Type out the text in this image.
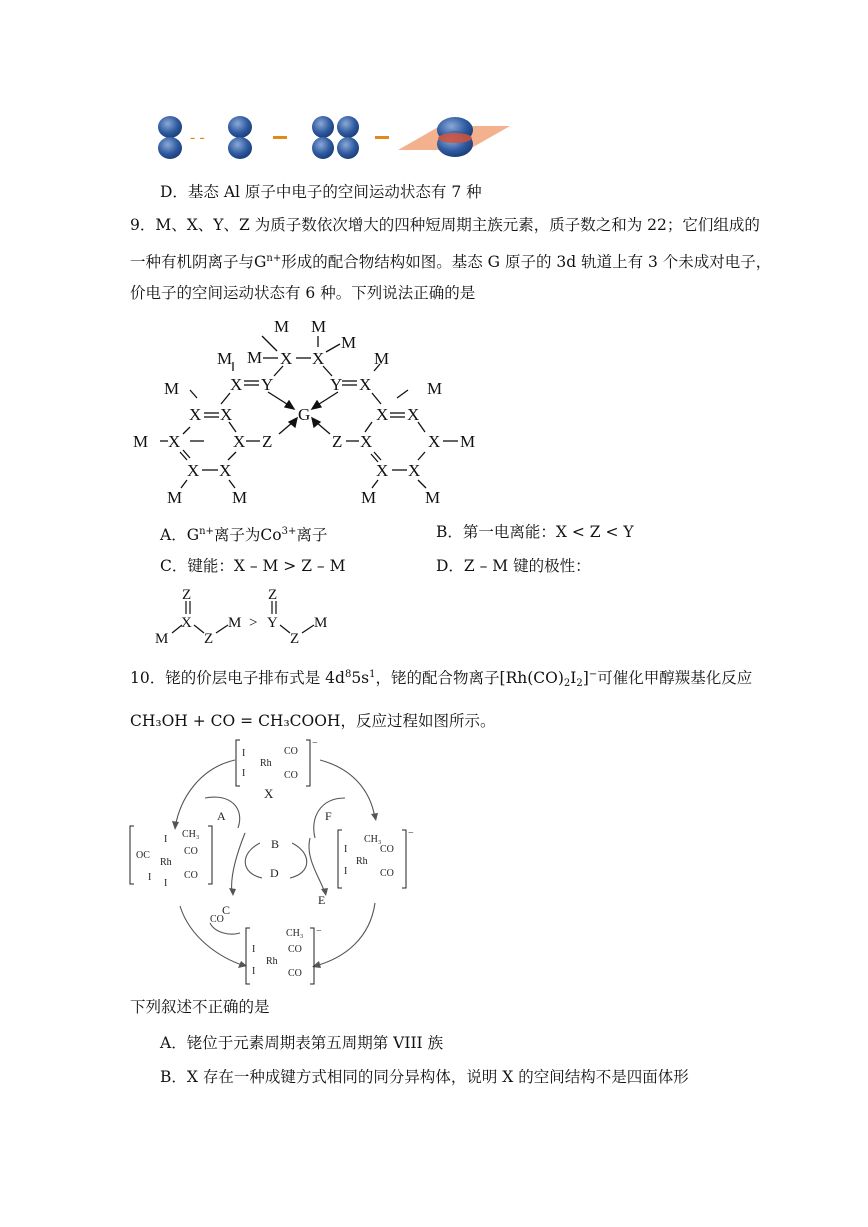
- -
D．基态 Al 原子中电子的空间运动状态有 7 种
9．M、X、Y、Z 为质子数依次增大的四种短周期主族元素，质子数之和为 22；它们组成的
一种有机阴离子与$G^{n+}$形成的配合物结构如图。基态 G 原子的 3d 轨道上有 3 个未成对电子，
价电子的空间运动状态有 6 种。下列说法正确的是
M M
M
M
X X
M	M
X Y	Y X
M	M
X X	G	X X
M X	X Z	Z X	X M
X X	X X
M	M	M	M
A．$G^{n+}$离子为$Co^{3+}$离子	B．第一电离能：X < Z < Y
C．键能：X – M > Z – M	D．Z – M 键的极性：
Z
X
M Z
M >
Z
Y
Z
M
10．铑的价层电子排布式是 $4d^85s^1$，铑的配合物离子$[Rh(CO)_2I_2]^-$可催化甲醇羰基化反应
CH₃OH + CO = CH₃COOH，反应过程如图所示。
I
I
Rh
CO
CO
−
X
CH₃
OC
Rh
CO
CO
I
I
I
CH₃
I
I
Rh
CO
CO
−
CH₃
CO
I
I
Rh
CO
−
A
B
C
D
E
F
CO
下列叙述不正确的是
A．铑位于元素周期表第五周期第 VIII 族
B．X 存在一种成键方式相同的同分异构体，说明 X 的空间结构不是四面体形
